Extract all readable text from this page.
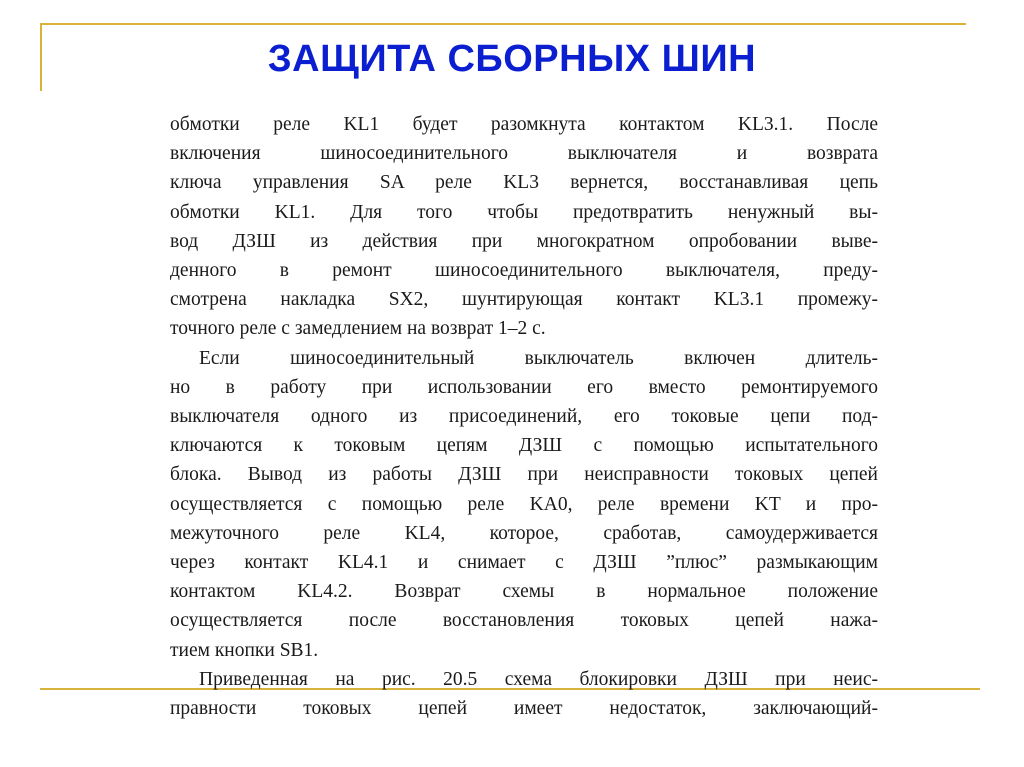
ЗАЩИТА СБОРНЫХ ШИН
обмотки реле KL1 будет разомкнута контактом KL3.1. После
включения шиносоединительного выключателя и возврата
ключа управления SA реле KL3 вернется, восстанавливая цепь
обмотки KL1. Для того чтобы предотвратить ненужный вы-
вод ДЗШ из действия при многократном опробовании выве-
денного в ремонт шиносоединительного выключателя, преду-
смотрена накладка SX2, шунтирующая контакт KL3.1 промежу-
точного реле с замедлением на возврат 1–2 с.
Если шиносоединительный выключатель включен длитель-
но в работу при использовании его вместо ремонтируемого
выключателя одного из присоединений, его токовые цепи под-
ключаются к токовым цепям ДЗШ с помощью испытательного
блока. Вывод из работы ДЗШ при неисправности токовых цепей
осуществляется с помощью реле KA0, реле времени KT и про-
межуточного реле KL4, которое, сработав, самоудерживается
через контакт KL4.1 и снимает с ДЗШ ”плюс” размыкающим
контактом KL4.2. Возврат схемы в нормальное положение
осуществляется после восстановления токовых цепей нажа-
тием кнопки SB1.
Приведенная на рис. 20.5 схема блокировки ДЗШ при неис-
правности токовых цепей имеет недостаток, заключающий-
